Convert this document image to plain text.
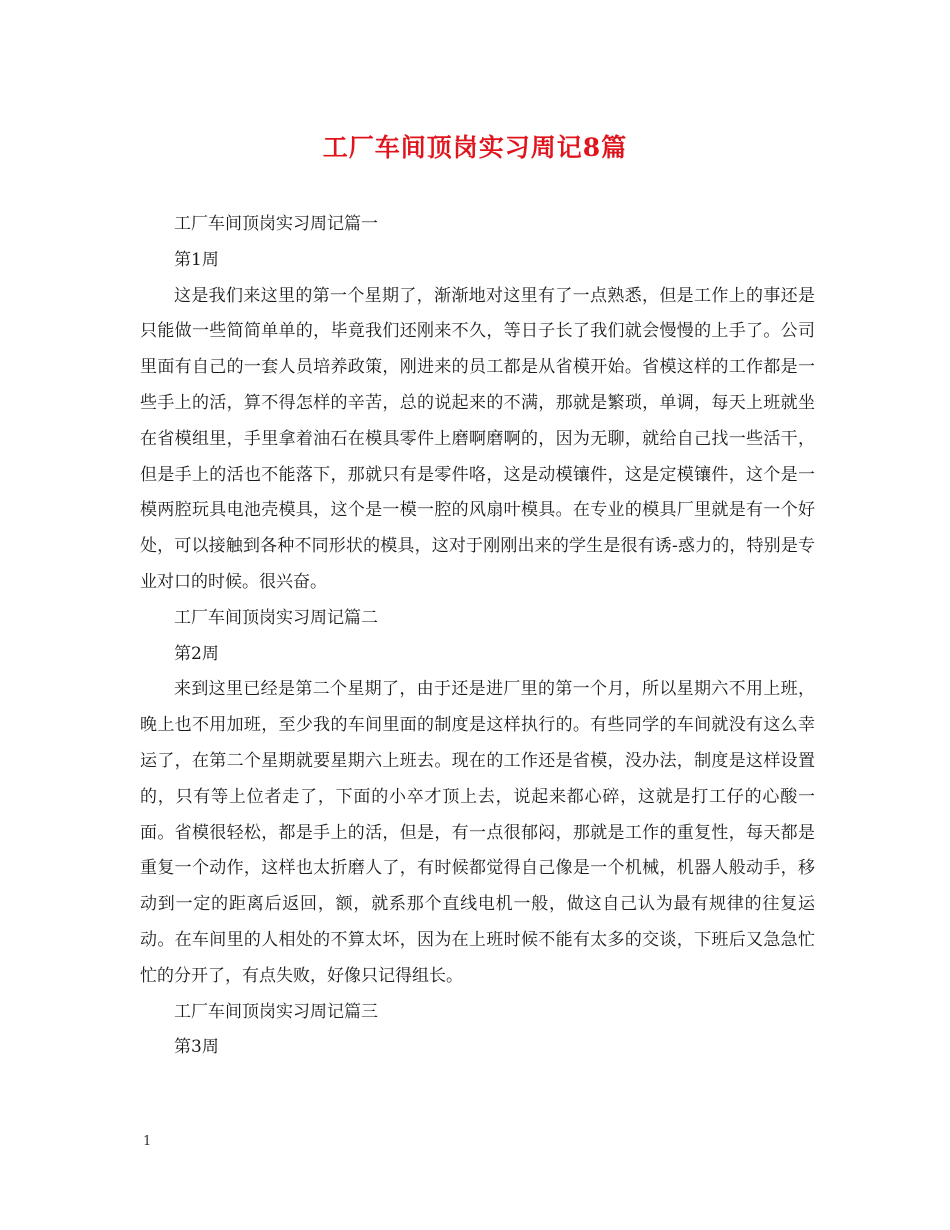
工厂车间顶岗实习周记8篇

工厂车间顶岗实习周记篇一

第1周

这是我们来这里的第一个星期了，渐渐地对这里有了一点熟悉，但是工作上的事还是只能做一些简简单单的，毕竟我们还刚来不久，等日子长了我们就会慢慢的上手了。公司里面有自己的一套人员培养政策，刚进来的员工都是从省模开始。省模这样的工作都是一些手上的活，算不得怎样的辛苦，总的说起来的不满，那就是繁琐，单调，每天上班就坐在省模组里，手里拿着油石在模具零件上磨啊磨啊的，因为无聊，就给自己找一些活干，但是手上的活也不能落下，那就只有是零件咯，这是动模镶件，这是定模镶件，这个是一模两腔玩具电池壳模具，这个是一模一腔的风扇叶模具。在专业的模具厂里就是有一个好处，可以接触到各种不同形状的模具，这对于刚刚出来的学生是很有诱-惑力的，特别是专业对口的时候。很兴奋。

工厂车间顶岗实习周记篇二

第2周

来到这里已经是第二个星期了，由于还是进厂里的第一个月，所以星期六不用上班，晚上也不用加班，至少我的车间里面的制度是这样执行的。有些同学的车间就没有这么幸运了，在第二个星期就要星期六上班去。现在的工作还是省模，没办法，制度是这样设置的，只有等上位者走了，下面的小卒才顶上去，说起来都心碎，这就是打工仔的心酸一面。省模很轻松，都是手上的活，但是，有一点很郁闷，那就是工作的重复性，每天都是重复一个动作，这样也太折磨人了，有时候都觉得自己像是一个机械，机器人般动手，移动到一定的距离后返回，额，就系那个直线电机一般，做这自己认为最有规律的往复运动。在车间里的人相处的不算太坏，因为在上班时候不能有太多的交谈，下班后又急急忙忙的分开了，有点失败，好像只记得组长。

工厂车间顶岗实习周记篇三

第3周

1
